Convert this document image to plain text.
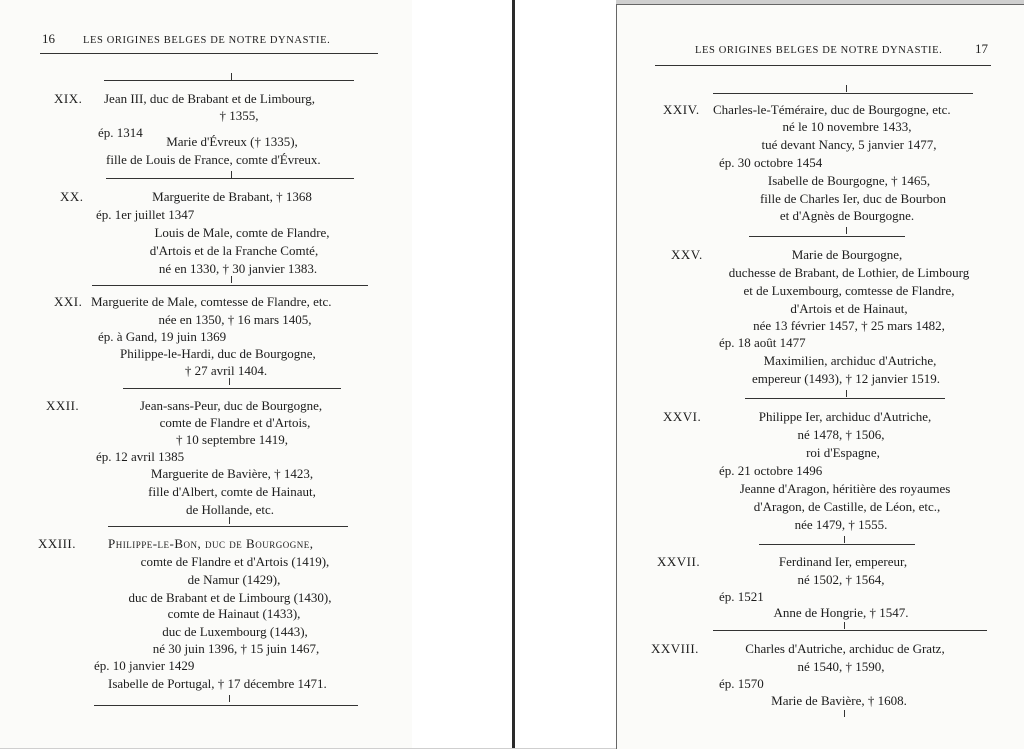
16	LES ORIGINES BELGES DE NOTRE DYNASTIE.
XIX. Jean III, duc de Brabant et de Limbourg,
† 1355,
ép. 1314
Marie d'Évreux († 1335),
fille de Louis de France, comte d'Évreux.
XX.	Marguerite de Brabant, † 1368
ép. 1er juillet 1347
Louis de Male, comte de Flandre,
d'Artois et de la Franche Comté,
né en 1330, † 30 janvier 1383.
XXI. Marguerite de Male, comtesse de Flandre, etc.
née en 1350, † 16 mars 1405,
ép. à Gand, 19 juin 1369
Philippe-le-Hardi, duc de Bourgogne,
† 27 avril 1404.
XXII.	Jean-sans-Peur, duc de Bourgogne,
comte de Flandre et d'Artois,
† 10 septembre 1419,
ép. 12 avril 1385
Marguerite de Bavière, † 1423,
fille d'Albert, comte de Hainaut,
de Hollande, etc.
XXIII. Philippe-le-Bon, duc de Bourgogne,
comte de Flandre et d'Artois (1419),
de Namur (1429),
duc de Brabant et de Limbourg (1430),
comte de Hainaut (1433),
duc de Luxembourg (1443),
né 30 juin 1396, † 15 juin 1467,
ép. 10 janvier 1429
Isabelle de Portugal, † 17 décembre 1471.
LES ORIGINES BELGES DE NOTRE DYNASTIE.	17
XXIV. Charles-le-Téméraire, duc de Bourgogne, etc.
né le 10 novembre 1433,
tué devant Nancy, 5 janvier 1477,
ép. 30 octobre 1454
Isabelle de Bourgogne, † 1465,
fille de Charles Ier, duc de Bourbon
et d'Agnès de Bourgogne.
XXV.	Marie de Bourgogne,
duchesse de Brabant, de Lothier, de Limbourg
et de Luxembourg, comtesse de Flandre,
d'Artois et de Hainaut,
née 13 février 1457, † 25 mars 1482,
ép. 18 août 1477
Maximilien, archiduc d'Autriche,
empereur (1493), † 12 janvier 1519.
XXVI.	Philippe Ier, archiduc d'Autriche,
né 1478, † 1506,
roi d'Espagne,
ép. 21 octobre 1496
Jeanne d'Aragon, héritière des royaumes
d'Aragon, de Castille, de Léon, etc.,
née 1479, † 1555.
XXVII.	Ferdinand Ier, empereur,
né 1502, † 1564,
ép. 1521
Anne de Hongrie, † 1547.
XXVIII.	Charles d'Autriche, archiduc de Gratz,
né 1540, † 1590,
ép. 1570
Marie de Bavière, † 1608.
